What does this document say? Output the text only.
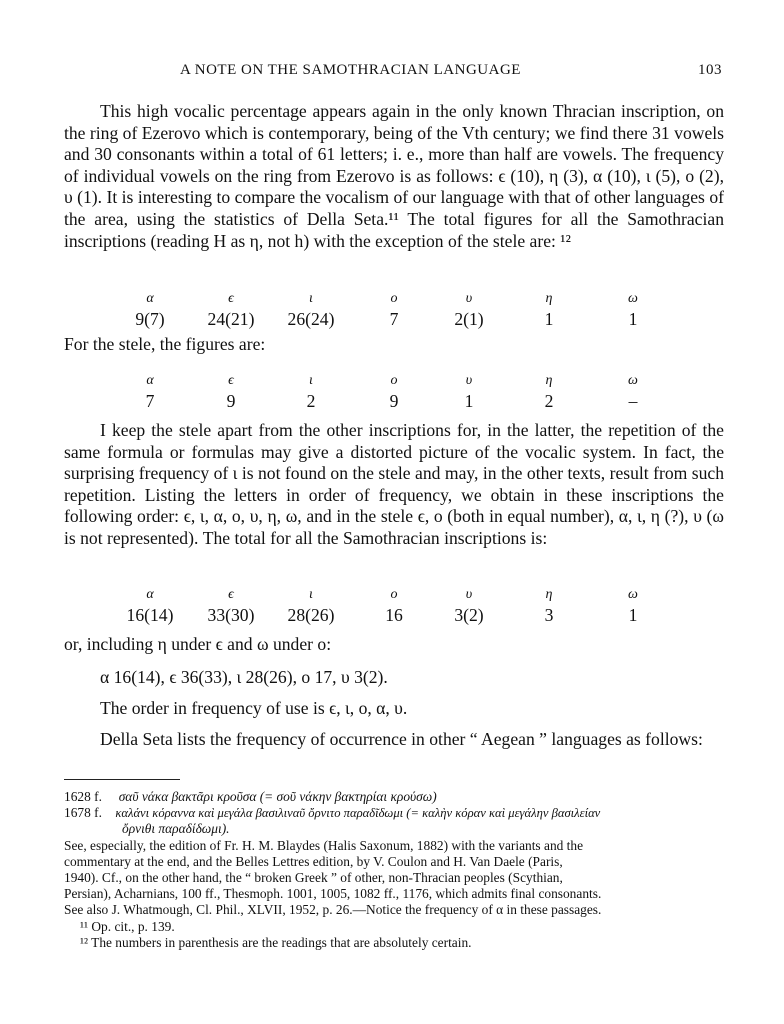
A NOTE ON THE SAMOTHRACIAN LANGUAGE	103
This high vocalic percentage appears again in the only known Thracian inscription, on the ring of Ezerovo which is contemporary, being of the Vth century; we find there 31 vowels and 30 consonants within a total of 61 letters; i. e., more than half are vowels. The frequency of individual vowels on the ring from Ezerovo is as follows: ϵ (10), η (3), α (10), ι (5), ο (2), υ (1). It is interesting to compare the vocalism of our language with that of other languages of the area, using the statistics of Della Seta.¹¹ The total figures for all the Samothracian inscriptions (reading H as η, not h) with the exception of the stele are: ¹²
α	ϵ	ι	ο	υ	η	ω
9(7)	24(21)	26(24)	7	2(1)	1	1
For the stele, the figures are:
α	ϵ	ι	ο	υ	η	ω
7	9	2	9	1	2	–
I keep the stele apart from the other inscriptions for, in the latter, the repetition of the same formula or formulas may give a distorted picture of the vocalic system. In fact, the surprising frequency of ι is not found on the stele and may, in the other texts, result from such repetition. Listing the letters in order of frequency, we obtain in these inscriptions the following order: ϵ, ι, α, ο, υ, η, ω, and in the stele ϵ, ο (both in equal number), α, ι, η (?), υ (ω is not represented). The total for all the Samothracian inscriptions is:
α	ϵ	ι	ο	υ	η	ω
16(14)	33(30)	28(26)	16	3(2)	3	1
or, including η under ϵ and ω under ο:
α 16(14), ϵ 36(33), ι 28(26), ο 17, υ 3(2).
The order in frequency of use is ϵ, ι, ο, α, υ.
Della Seta lists the frequency of occurrence in other “ Aegean ” languages as follows:
1628 f. σαῦ νάκα βακτᾶρι κροῦσα (= σοῦ νάκην βακτηρίαι κρούσω)
1678 f. καλάνι κόραννα καὶ μεγάλα βασιλιναῦ ὄρνιτο παραδῖδωμι (= καλὴν κόραν καὶ μεγάλην βασιλείαν
ὄρνιθι παραδίδωμι).
See, especially, the edition of Fr. H. M. Blaydes (Halis Saxonum, 1882) with the variants and the
commentary at the end, and the Belles Lettres edition, by V. Coulon and H. Van Daele (Paris,
1940). Cf., on the other hand, the “ broken Greek ” of other, non-Thracian peoples (Scythian,
Persian), Acharnians, 100 ff., Thesmoph. 1001, 1005, 1082 ff., 1176, which admits final consonants.
See also J. Whatmough, Cl. Phil., XLVII, 1952, p. 26.—Notice the frequency of α in these passages.
¹¹ Op. cit., p. 139.
¹² The numbers in parenthesis are the readings that are absolutely certain.
